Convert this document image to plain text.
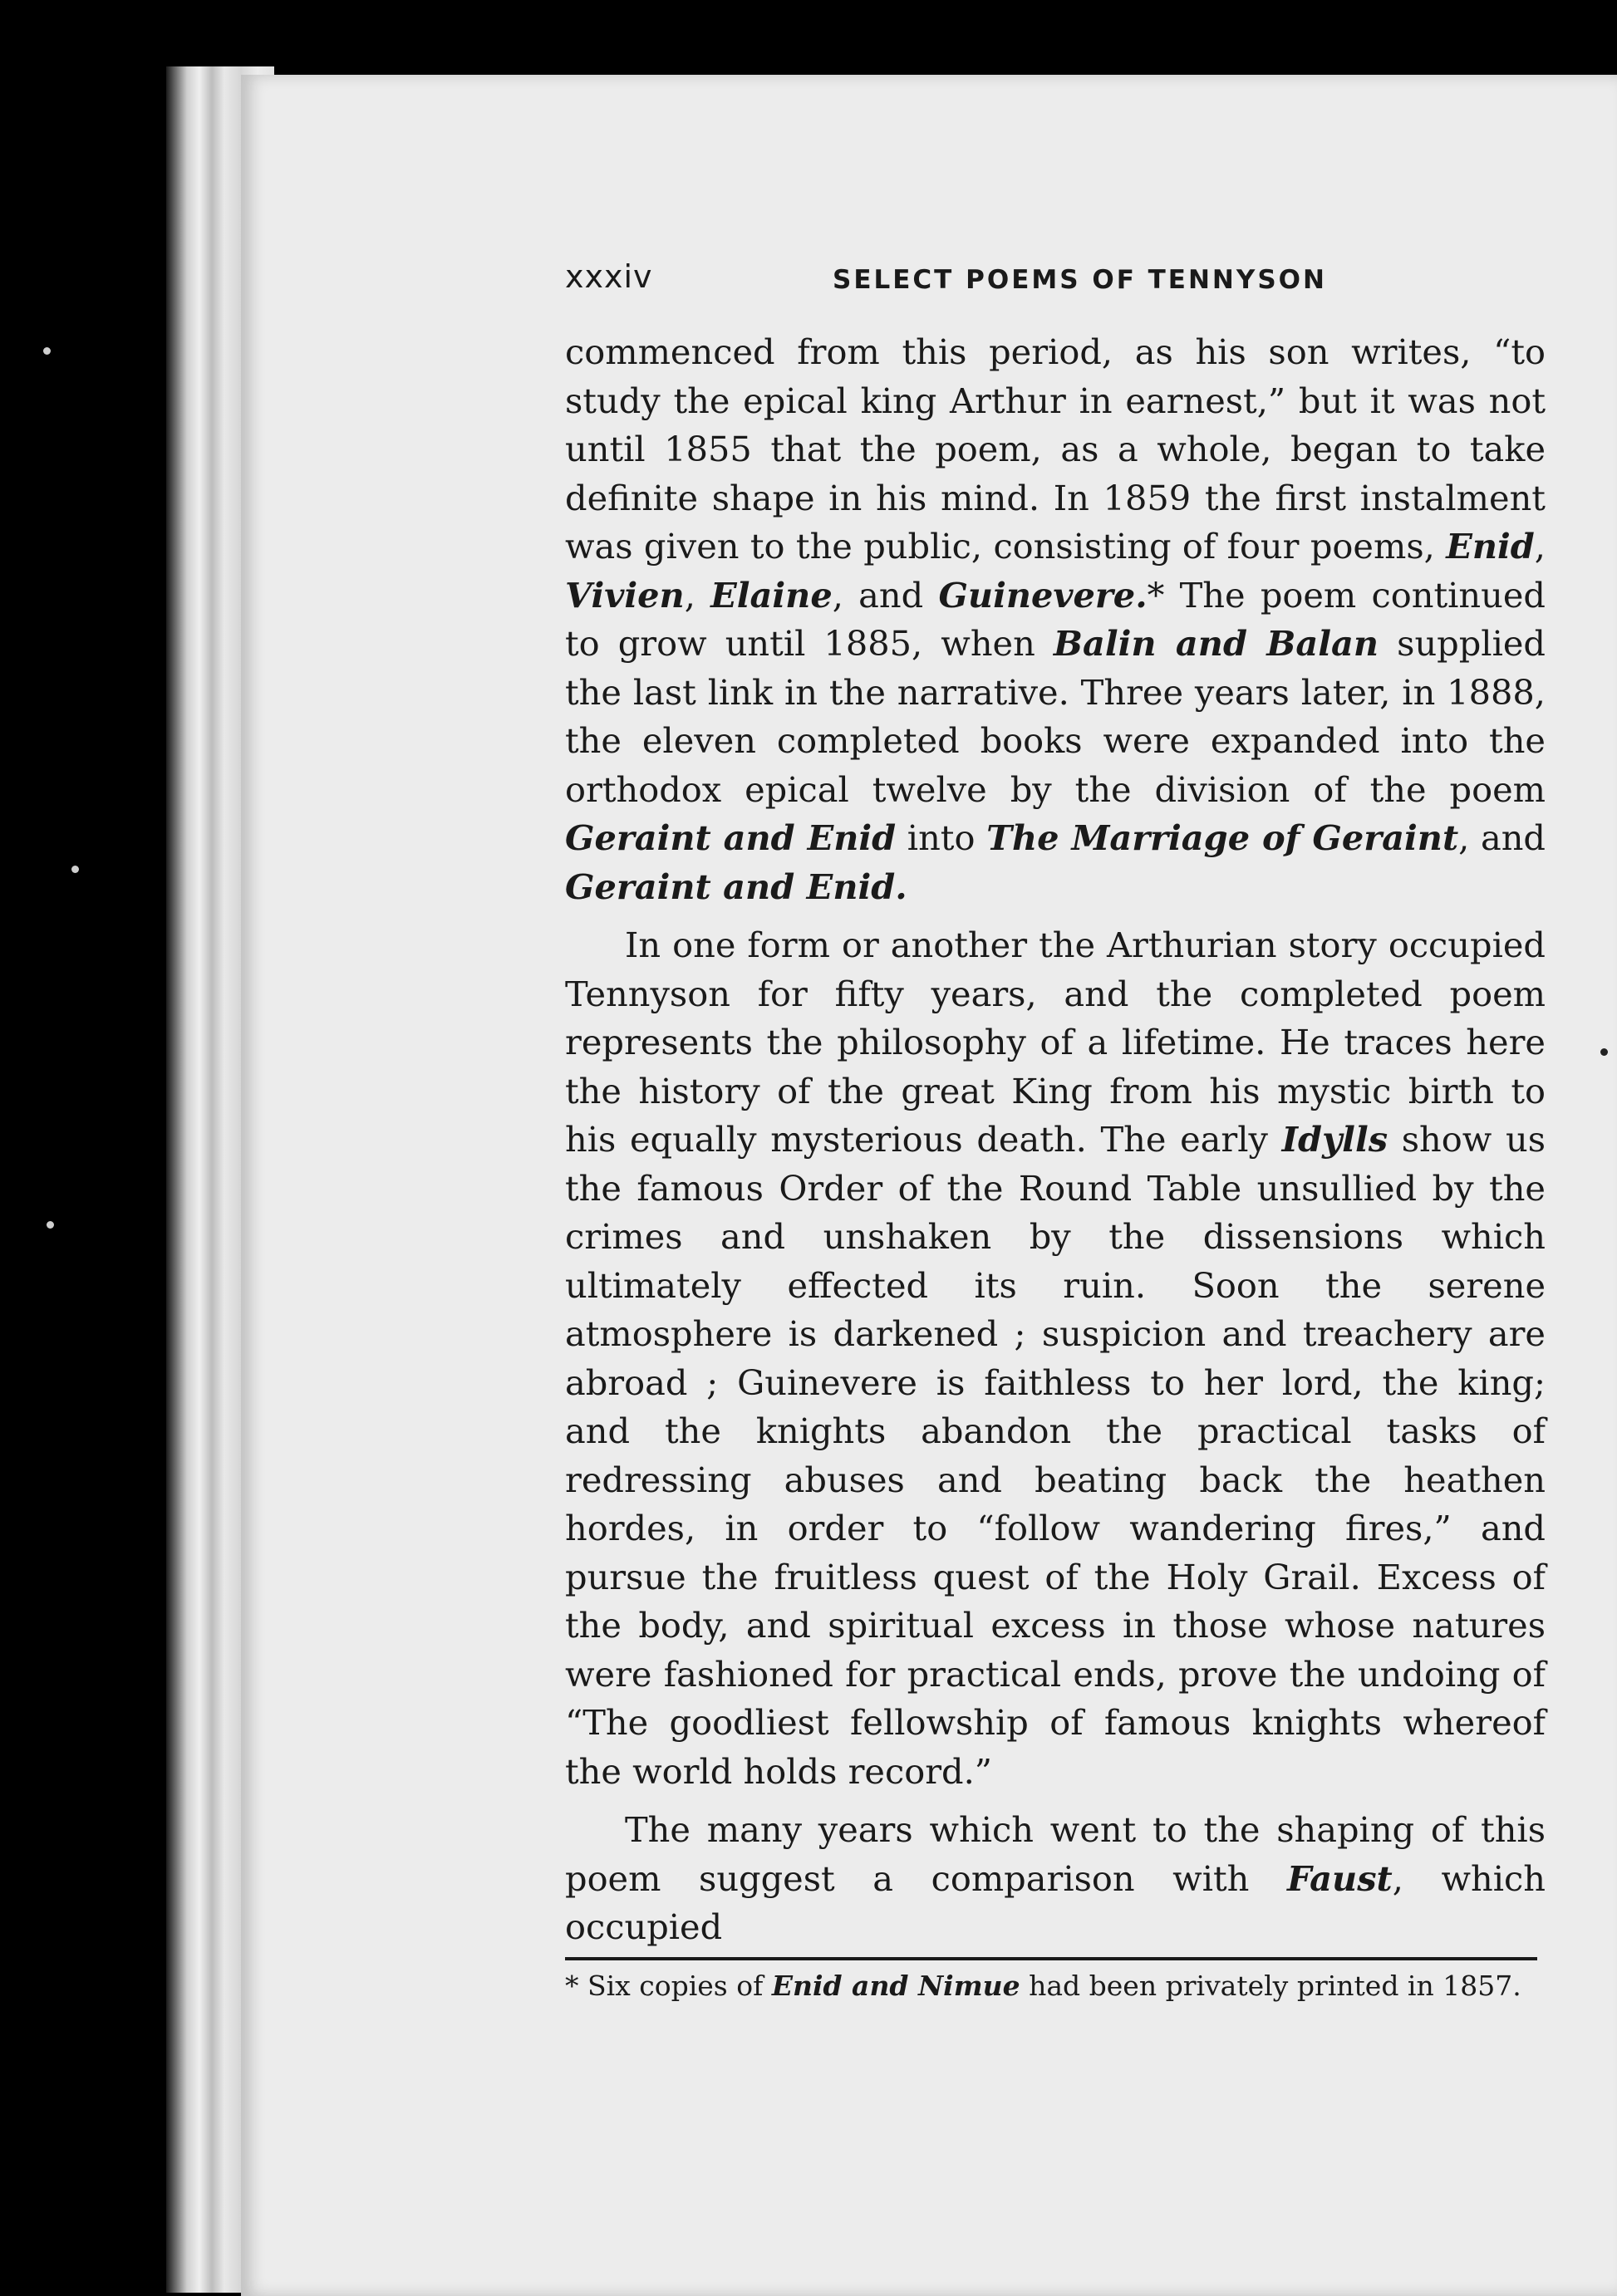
xxxiv	SELECT POEMS OF TENNYSON

commenced from this period, as his son writes, “to study the epical king Arthur in earnest,” but it was not until 1855 that the poem, as a whole, began to take definite shape in his mind. In 1859 the first instalment was given to the public, consisting of four poems, Enid, Vivien, Elaine, and Guinevere.* The poem continued to grow until 1885, when Balin and Balan supplied the last link in the narrative. Three years later, in 1888, the eleven completed books were expanded into the orthodox epical twelve by the division of the poem Geraint and Enid into The Marriage of Geraint, and Geraint and Enid.

In one form or another the Arthurian story occupied Tennyson for fifty years, and the completed poem represents the philosophy of a lifetime. He traces here the history of the great King from his mystic birth to his equally mysterious death. The early Idylls show us the famous Order of the Round Table unsullied by the crimes and unshaken by the dissensions which ultimately effected its ruin. Soon the serene atmosphere is darkened ; suspicion and treachery are abroad ; Guinevere is faithless to her lord, the king; and the knights abandon the practical tasks of redressing abuses and beating back the heathen hordes, in order to “follow wandering fires,” and pursue the fruitless quest of the Holy Grail. Excess of the body, and spiritual excess in those whose natures were fashioned for practical ends, prove the undoing of “The goodliest fellowship of famous knights whereof the world holds record.”

The many years which went to the shaping of this poem suggest a comparison with Faust, which occupied

* Six copies of Enid and Nimue had been privately printed in 1857.
